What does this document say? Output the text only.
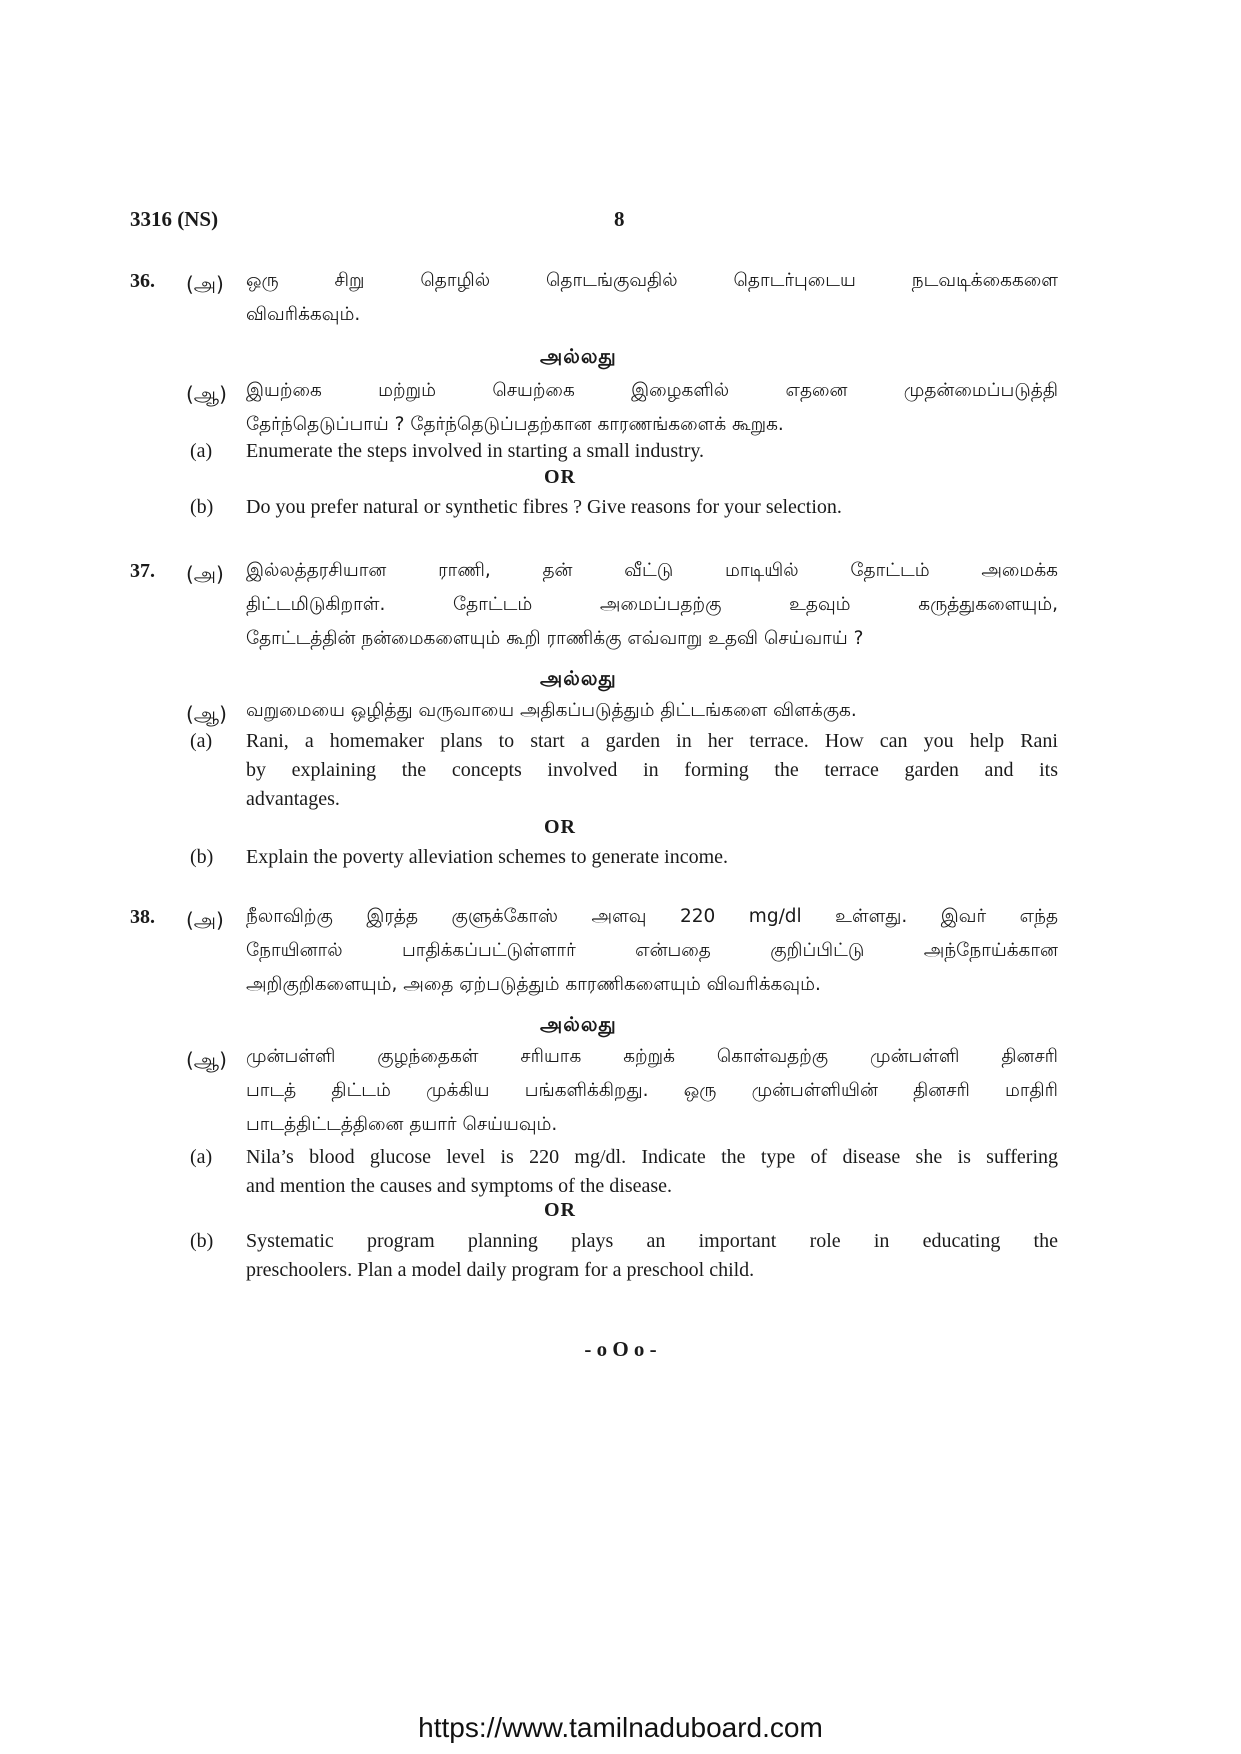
3316 (NS)	8
36. (அ) ஒரு சிறு தொழில் தொடங்குவதில் தொடர்புடைய நடவடிக்கைகளை
விவரிக்கவும்.
அல்லது
(ஆ) இயற்கை மற்றும் செயற்கை இழைகளில் எதனை முதன்மைப்படுத்தி
தேர்ந்தெடுப்பாய் ? தேர்ந்தெடுப்பதற்கான காரணங்களைக் கூறுக.
(a) Enumerate the steps involved in starting a small industry.
OR
(b) Do you prefer natural or synthetic fibres ? Give reasons for your selection.
37. (அ) இல்லத்தரசியான ராணி, தன் வீட்டு மாடியில் தோட்டம் அமைக்க
திட்டமிடுகிறாள். தோட்டம் அமைப்பதற்கு உதவும் கருத்துகளையும்,
தோட்டத்தின் நன்மைகளையும் கூறி ராணிக்கு எவ்வாறு உதவி செய்வாய் ?
அல்லது
(ஆ) வறுமையை ஒழித்து வருவாயை அதிகப்படுத்தும் திட்டங்களை விளக்குக.
(a) Rani, a homemaker plans to start a garden in her terrace. How can you help Rani
by explaining the concepts involved in forming the terrace garden and its
advantages.
OR
(b) Explain the poverty alleviation schemes to generate income.
38. (அ) நீலாவிற்கு இரத்த குளுக்கோஸ் அளவு 220 mg/dl உள்ளது. இவர் எந்த
நோயினால் பாதிக்கப்பட்டுள்ளார் என்பதை குறிப்பிட்டு அந்நோய்க்கான
அறிகுறிகளையும், அதை ஏற்படுத்தும் காரணிகளையும் விவரிக்கவும்.
அல்லது
(ஆ) முன்பள்ளி குழந்தைகள் சரியாக கற்றுக் கொள்வதற்கு முன்பள்ளி தினசரி
பாடத் திட்டம் முக்கிய பங்களிக்கிறது. ஒரு முன்பள்ளியின் தினசரி மாதிரி
பாடத்திட்டத்தினை தயார் செய்யவும்.
(a) Nila’s blood glucose level is 220 mg/dl. Indicate the type of disease she is suffering
and mention the causes and symptoms of the disease.
OR
(b) Systematic program planning plays an important role in educating the
preschoolers. Plan a model daily program for a preschool child.
- o O o -
https://www.tamilnaduboard.com
